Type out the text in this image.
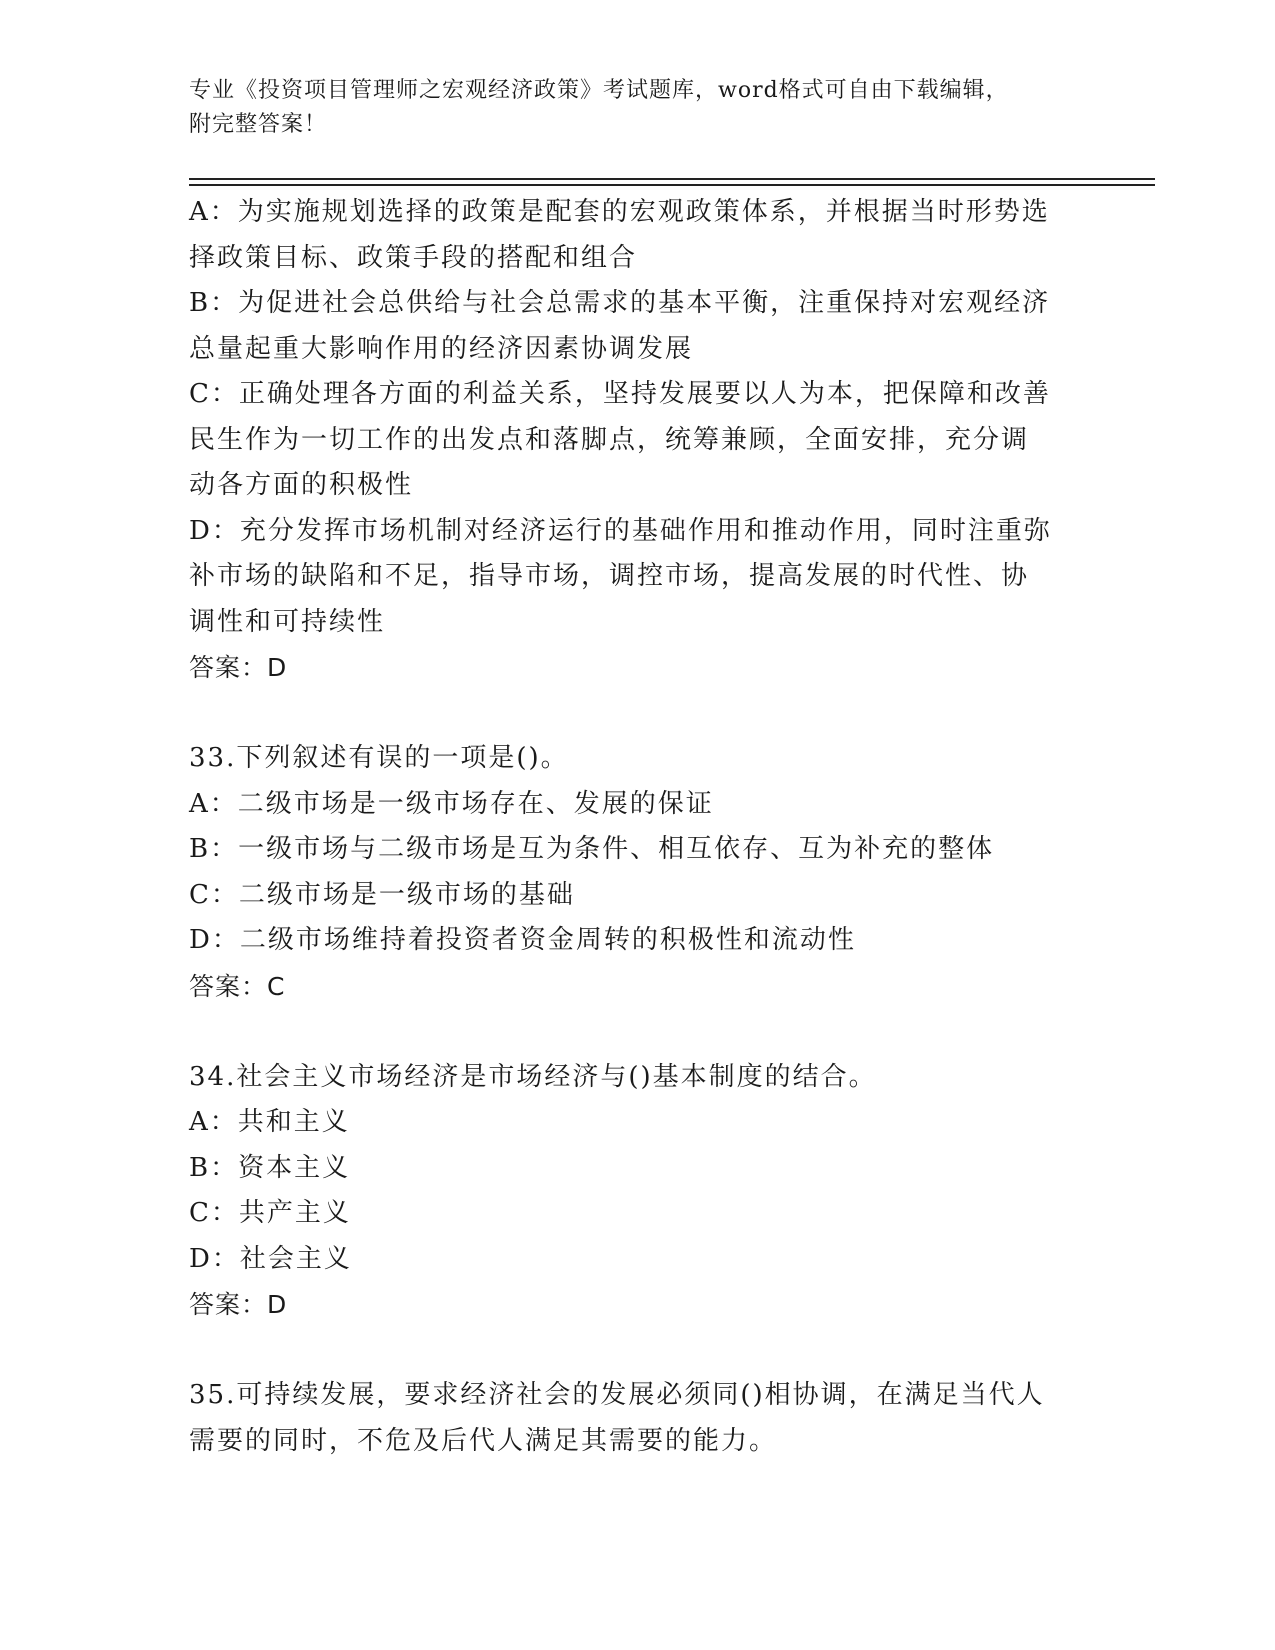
专业《投资项目管理师之宏观经济政策》考试题库，word格式可自由下载编辑，
附完整答案！
A：为实施规划选择的政策是配套的宏观政策体系，并根据当时形势选
择政策目标、政策手段的搭配和组合
B：为促进社会总供给与社会总需求的基本平衡，注重保持对宏观经济
总量起重大影响作用的经济因素协调发展
C：正确处理各方面的利益关系，坚持发展要以人为本，把保障和改善
民生作为一切工作的出发点和落脚点，统筹兼顾，全面安排，充分调
动各方面的积极性
D：充分发挥市场机制对经济运行的基础作用和推动作用，同时注重弥
补市场的缺陷和不足，指导市场，调控市场，提高发展的时代性、协
调性和可持续性
答案：D
33.下列叙述有误的一项是()。
A：二级市场是一级市场存在、发展的保证
B：一级市场与二级市场是互为条件、相互依存、互为补充的整体
C：二级市场是一级市场的基础
D：二级市场维持着投资者资金周转的积极性和流动性
答案：C
34.社会主义市场经济是市场经济与()基本制度的结合。
A：共和主义
B：资本主义
C：共产主义
D：社会主义
答案：D
35.可持续发展，要求经济社会的发展必须同()相协调，在满足当代人
需要的同时，不危及后代人满足其需要的能力。
